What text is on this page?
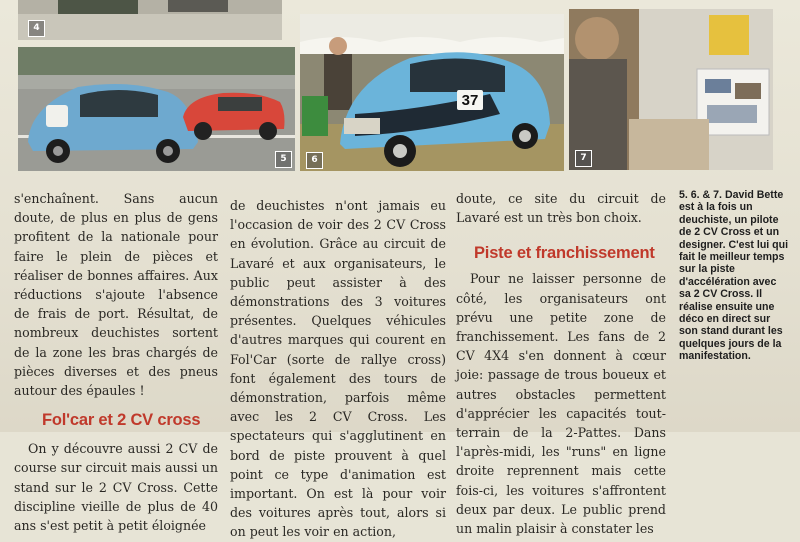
4
5
37
6	7

s'enchaînent. Sans aucun doute, de plus en plus de gens profitent de la nationale pour faire le plein de pièces et réaliser de bonnes affaires. Aux réductions s'ajoute l'absence de frais de port. Résultat, de nombreux deuchistes sortent de la zone les bras chargés de pièces diverses et des pneus autour des épaules !

Fol'car et 2 CV cross

On y découvre aussi 2 CV de course sur circuit mais aussi un stand sur le 2 CV Cross. Cette discipline vieille de plus de 40 ans s'est petit à petit éloignée

de deuchistes n'ont jamais eu l'occasion de voir des 2 CV Cross en évolution. Grâce au circuit de Lavaré et aux organisateurs, le public peut assister à des démonstrations des 3 voitures présentes. Quelques véhicules d'autres marques qui courent en Fol'Car (sorte de rallye cross) font également des tours de démonstration, parfois même avec les 2 CV Cross. Les spectateurs qui s'agglutinent en bord de piste prouvent à quel point ce type d'animation est important. On est là pour voir des voitures après tout, alors si on peut les voir en action,

doute, ce site du circuit de Lavaré est un très bon choix.

Piste et franchissement

Pour ne laisser personne de côté, les organisateurs ont prévu une petite zone de franchissement. Les fans de 2 CV 4X4 s'en donnent à cœur joie: passage de trous boueux et autres obstacles permettent d'apprécier les capacités tout-terrain de la 2-Pattes. Dans l'après-midi, les "runs" en ligne droite reprennent mais cette fois-ci, les voitures s'affrontent deux par deux. Le public prend un malin plaisir à constater les

5. 6. & 7. David Bette est à la fois un deuchiste, un pilote de 2 CV Cross et un designer. C'est lui qui fait le meilleur temps sur la piste d'accélération avec sa 2 CV Cross. Il réalise ensuite une déco en direct sur son stand durant les quelques jours de la manifestation.
